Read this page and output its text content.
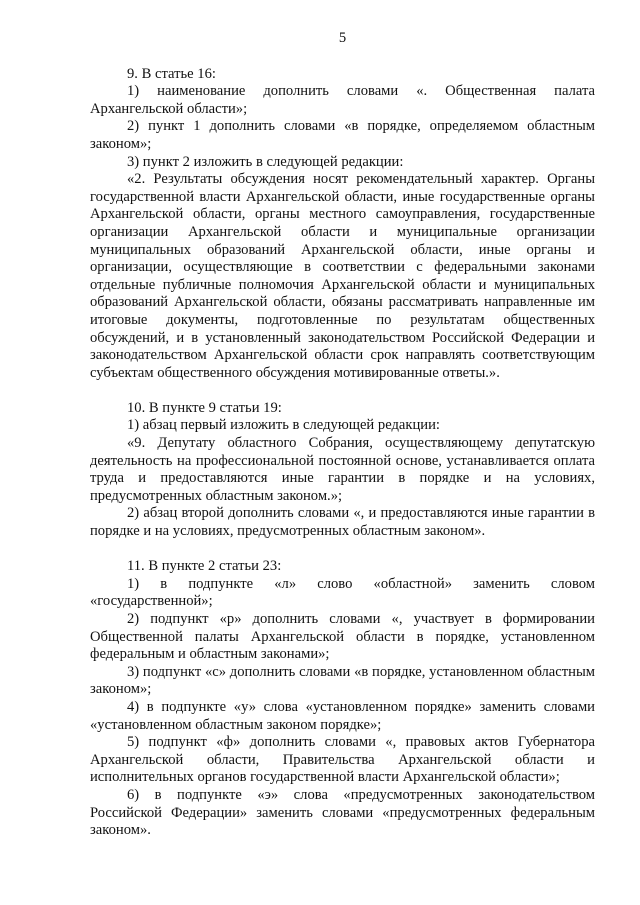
5

9. В статье 16:

1) наименование дополнить словами «. Общественная палата Архангельской области»;

2) пункт 1 дополнить словами «в порядке, определяемом областным законом»;

3) пункт 2 изложить в следующей редакции:

«2. Результаты обсуждения носят рекомендательный характер. Органы государственной власти Архангельской области, иные государственные органы Архангельской области, органы местного самоуправления, государственные организации Архангельской области и муниципальные организации муниципальных образований Архангельской области, иные органы и организации, осуществляющие в соответствии с федеральными законами отдельные публичные полномочия Архангельской области и муниципальных образований Архангельской области, обязаны рассматривать направленные им итоговые документы, подготовленные по результатам общественных обсуждений, и в установленный законодательством Российской Федерации и законодательством Архангельской области срок направлять соответствующим субъектам общественного обсуждения мотивированные ответы.».

10. В пункте 9 статьи 19:

1) абзац первый изложить в следующей редакции:

«9. Депутату областного Собрания, осуществляющему депутатскую деятельность на профессиональной постоянной основе, устанавливается оплата труда и предоставляются иные гарантии в порядке и на условиях, предусмотренных областным законом.»;

2) абзац второй дополнить словами «, и предоставляются иные гарантии в порядке и на условиях, предусмотренных областным законом».

11. В пункте 2 статьи 23:

1) в подпункте «л» слово «областной» заменить словом «государственной»;

2) подпункт «р» дополнить словами «, участвует в формировании Общественной палаты Архангельской области в порядке, установленном федеральным и областным законами»;

3) подпункт «с» дополнить словами «в порядке, установленном областным законом»;

4) в подпункте «у» слова «установленном порядке» заменить словами «установленном областным законом порядке»;

5) подпункт «ф» дополнить словами «, правовых актов Губернатора Архангельской области, Правительства Архангельской области и исполнительных органов государственной власти Архангельской области»;

6) в подпункте «э» слова «предусмотренных законодательством Российской Федерации» заменить словами «предусмотренных федеральным законом».
